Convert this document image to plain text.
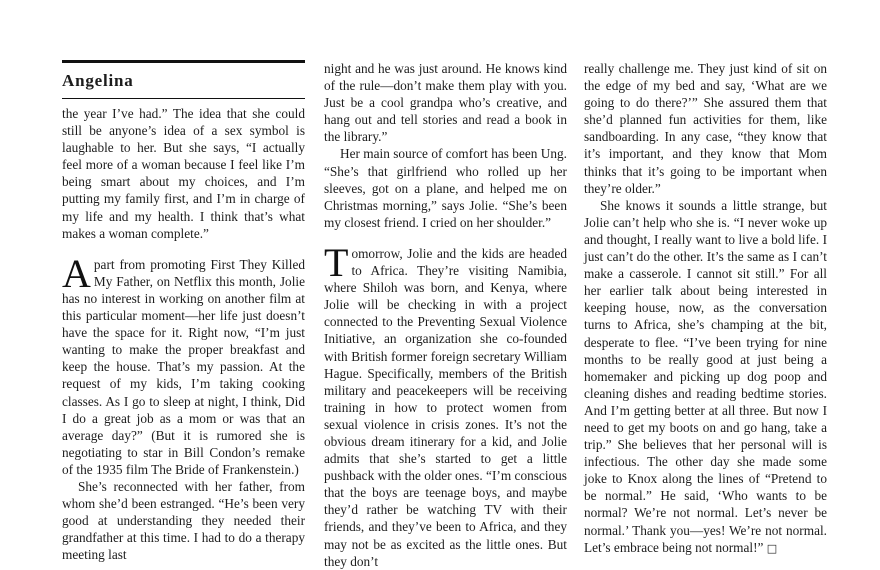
Angelina

the year I’ve had.” The idea that she could still be anyone’s idea of a sex symbol is laughable to her. But she says, “I actually feel more of a woman because I feel like I’m being smart about my choices, and I’m putting my family first, and I’m in charge of my life and my health. I think that’s what makes a woman complete.”

Apart from promoting First They Killed My Father, on Netflix this month, Jolie has no interest in working on another film at this particular moment—her life just doesn’t have the space for it. Right now, “I’m just wanting to make the proper breakfast and keep the house. That’s my passion. At the request of my kids, I’m taking cooking classes. As I go to sleep at night, I think, Did I do a great job as a mom or was that an average day?” (But it is rumored she is negotiating to star in Bill Condon’s remake of the 1935 film The Bride of Frankenstein.)

She’s reconnected with her father, from whom she’d been estranged. “He’s been very good at understanding they needed their grandfather at this time. I had to do a therapy meeting last

night and he was just around. He knows kind of the rule—don’t make them play with you. Just be a cool grandpa who’s creative, and hang out and tell stories and read a book in the library.”

Her main source of comfort has been Ung. “She’s that girlfriend who rolled up her sleeves, got on a plane, and helped me on Christmas morning,” says Jolie. “She’s been my closest friend. I cried on her shoulder.”

Tomorrow, Jolie and the kids are headed to Africa. They’re visiting Namibia, where Shiloh was born, and Kenya, where Jolie will be checking in with a project connected to the Preventing Sexual Violence Initiative, an organization she co-founded with British former foreign secretary William Hague. Specifically, members of the British military and peacekeepers will be receiving training in how to protect women from sexual violence in crisis zones. It’s not the obvious dream itinerary for a kid, and Jolie admits that she’s started to get a little pushback with the older ones. “I’m conscious that the boys are teenage boys, and maybe they’d rather be watching TV with their friends, and they’ve been to Africa, and they may not be as excited as the little ones. But they don’t

really challenge me. They just kind of sit on the edge of my bed and say, ‘What are we going to do there?’” She assured them that she’d planned fun activities for them, like sandboarding. In any case, “they know that it’s important, and they know that Mom thinks that it’s going to be important when they’re older.”

She knows it sounds a little strange, but Jolie can’t help who she is. “I never woke up and thought, I really want to live a bold life. I just can’t do the other. It’s the same as I can’t make a casserole. I cannot sit still.” For all her earlier talk about being interested in keeping house, now, as the conversation turns to Africa, she’s champing at the bit, desperate to flee. “I’ve been trying for nine months to be really good at just being a homemaker and picking up dog poop and cleaning dishes and reading bedtime stories. And I’m getting better at all three. But now I need to get my boots on and go hang, take a trip.” She believes that her personal will is infectious. The other day she made some joke to Knox along the lines of “Pretend to be normal.” He said, ‘Who wants to be normal? We’re not normal. Let’s never be normal.’ Thank you—yes! We’re not normal. Let’s embrace being not normal!” □
